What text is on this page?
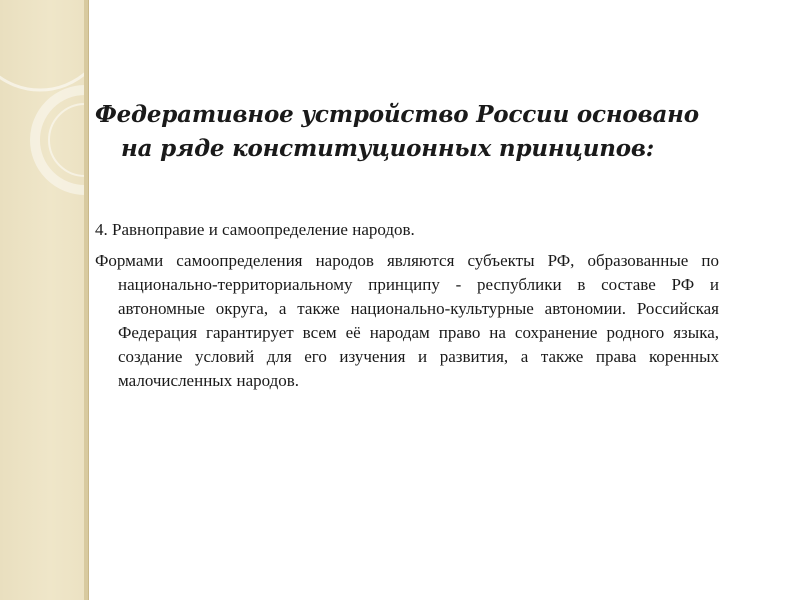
Федеративное устройство России основано на ряде конституционных принципов:

4. Равноправие и самоопределение народов.

Формами самоопределения народов являются субъекты РФ, образованные по национально-территориальному принципу - республики в составе РФ и автономные округа, а также национально-культурные автономии. Российская Федерация гарантирует всем её народам право на сохранение родного языка, создание условий для его изучения и развития, а также права коренных малочисленных народов.
